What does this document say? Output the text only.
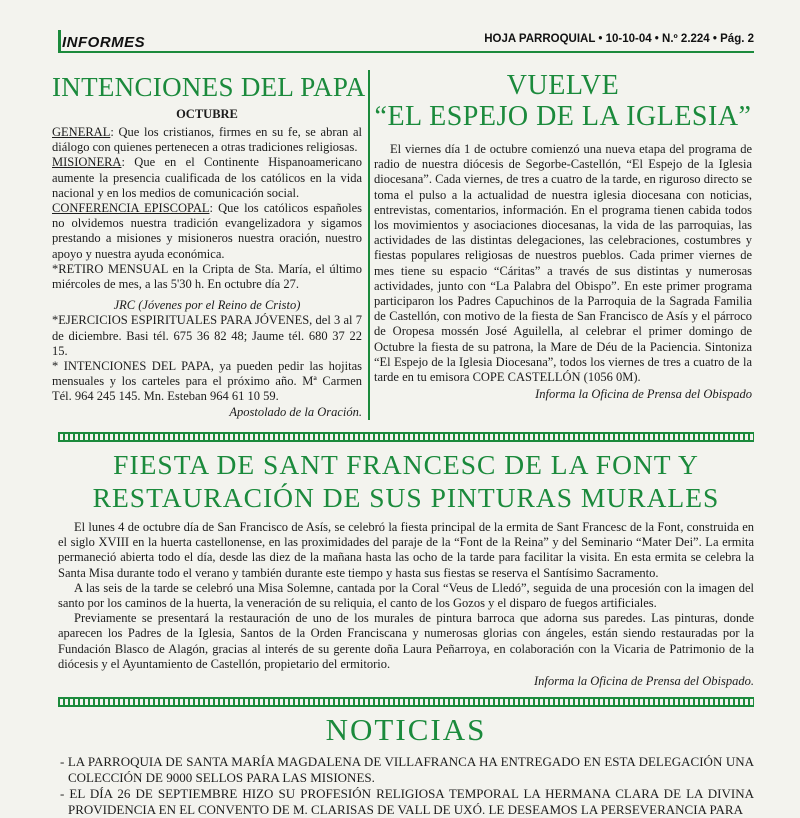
INFORMES	HOJA PARROQUIAL • 10-10-04 • N.º 2.224 • Pág. 2
INTENCIONES DEL PAPA
OCTUBRE

GENERAL: Que los cristianos, firmes en su fe, se abran al diálogo con quienes pertenecen a otras tradiciones religiosas.

MISIONERA: Que en el Continente Hispanoamericano aumente la presencia cualificada de los católicos en la vida nacional y en los medios de comunicación social.

CONFERENCIA EPISCOPAL: Que los católicos españoles no olvidemos nuestra tradición evangelizadora y sigamos prestando a misiones y misioneros nuestra oración, nuestro apoyo y nuestra ayuda económica.

*RETIRO MENSUAL en la Cripta de Sta. María, el último miércoles de mes, a las 5'30 h. En octubre día 27.

JRC (Jóvenes por el Reino de Cristo)

*EJERCICIOS ESPIRITUALES PARA JÓVENES, del 3 al 7 de diciembre. Basi tél. 675 36 82 48; Jaume tél. 680 37 22 15.

* INTENCIONES DEL PAPA, ya pueden pedir las hojitas mensuales y los carteles para el próximo año. Mª Carmen Tél. 964 245 145. Mn. Esteban 964 61 10 59.

Apostolado de la Oración.

VUELVE
“EL ESPEJO DE LA IGLESIA”

El viernes día 1 de octubre comienzó una nueva etapa del programa de radio de nuestra diócesis de Segorbe-Castellón, “El Espejo de la Iglesia diocesana”. Cada viernes, de tres a cuatro de la tarde, en riguroso directo se toma el pulso a la actualidad de nuestra iglesia diocesana con noticias, entrevistas, comentarios, información. En el programa tienen cabida todos los movimientos y asociaciones diocesanas, la vida de las parroquias, las actividades de las distintas delegaciones, las celebraciones, costumbres y fiestas populares religiosas de nuestros pueblos. Cada primer viernes de mes tiene su espacio “Cáritas” a través de sus distintas y numerosas actividades, junto con “La Palabra del Obispo”. En este primer programa participaron los Padres Capuchinos de la Parroquia de la Sagrada Familia de Castellón, con motivo de la fiesta de San Francisco de Asís y el párroco de Oropesa mossén José Aguilella, al celebrar el primer domingo de Octubre la fiesta de su patrona, la Mare de Déu de la Paciencia. Sintoniza “El Espejo de la Iglesia Diocesana”, todos los viernes de tres a cuatro de la tarde en tu emisora COPE CASTELLÓN (1056 0M).

Informa la Oficina de Prensa del Obispado
FIESTA DE SANT FRANCESC DE LA FONT Y
RESTAURACIÓN DE SUS PINTURAS MURALES

El lunes 4 de octubre día de San Francisco de Asís, se celebró la fiesta principal de la ermita de Sant Francesc de la Font, construida en el siglo XVIII en la huerta castellonense, en las proximidades del paraje de la “Font de la Reina” y del Seminario “Mater Dei”. La ermita permaneció abierta todo el día, desde las diez de la mañana hasta las ocho de la tarde para facilitar la visita. En esta ermita se celebra la Santa Misa durante todo el verano y también durante este tiempo y hasta sus fiestas se reserva el Santísimo Sacramento.

A las seis de la tarde se celebró una Misa Solemne, cantada por la Coral “Veus de Lledó”, seguida de una procesión con la imagen del santo por los caminos de la huerta, la veneración de su reliquia, el canto de los Gozos y el disparo de fuegos artificiales.

Previamente se presentará la restauración de uno de los murales de pintura barroca que adorna sus paredes. Las pinturas, donde aparecen los Padres de la Iglesia, Santos de la Orden Franciscana y numerosas glorias con ángeles, están siendo restauradas por la Fundación Blasco de Alagón, gracias al interés de su gerente doña Laura Peñarroya, en colaboración con la Vicaria de Patrimonio de la diócesis y el Ayuntamiento de Castellón, propietario del ermitorio.

Informa la Oficina de Prensa del Obispado.

NOTICIAS
- LA PARROQUIA DE SANTA MARÍA MAGDALENA DE VILLAFRANCA HA ENTREGADO EN ESTA DELEGACIÓN UNA COLECCIÓN DE 9000 SELLOS PARA LAS MISIONES.
- EL DÍA 26 DE SEPTIEMBRE HIZO SU PROFESIÓN RELIGIOSA TEMPORAL LA HERMANA CLARA DE LA DIVINA PROVIDENCIA EN EL CONVENTO DE M. CLARISAS DE VALL DE UXÓ. LE DESEAMOS LA PERSEVERANCIA PARA
